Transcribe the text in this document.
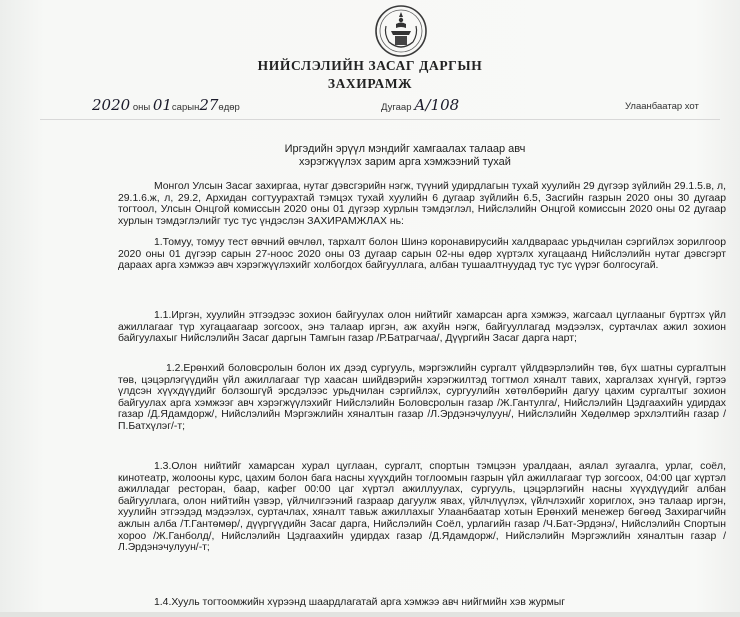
НИЙСЛЭЛИЙН ЗАСАГ ДАРГЫН
ЗАХИРАМЖ
2020 оны 01сарын27өдөр	Дугаар А/108	Улаанбаатар хот
Иргэдийн эрүүл мэндийг хамгаалах талаар авч
хэрэгжүүлэх зарим арга хэмжээний тухай

Монгол Улсын Засаг захиргаа, нутаг дэвсгэрийн нэгж, түүний удирдлагын тухай хуулийн 29 дүгээр зүйлийн 29.1.5.в, л, 29.1.6.ж, л, 29.2, Архидан согтуурахтай тэмцэх тухай хуулийн 6 дугаар зүйлийн 6.5, Засгийн газрын 2020 оны 30 дугаар тогтоол, Улсын Онцгой комиссын 2020 оны 01 дүгээр хурлын тэмдэглэл, Нийслэлийн Онцгой комиссын 2020 оны 02 дугаар хурлын тэмдэглэлийг тус тус үндэслэн ЗАХИРАМЖЛАХ нь:

1.Томуу, томуу тест өвчний өвчлөл, тархалт болон Шинэ коронавирусийн халдвараас урьдчилан сэргийлэх зорилгоор 2020 оны 01 дүгээр сарын 27-ноос 2020 оны 03 дугаар сарын 02-ны өдөр хүртэлх хугацаанд Нийслэлийн нутаг дэвсгэрт дараах арга хэмжээ авч хэрэгжүүлэхийг холбогдох байгууллага, албан тушаалтнуудад тус тус үүрэг болгосугай.

1.1.Иргэн, хуулийн этгээдээс зохион байгуулах олон нийтийг хамарсан арга хэмжээ, жагсаал цуглааныг бүртгэх үйл ажиллагааг түр хугацаагаар зогсоох, энэ талаар иргэн, аж ахуйн нэгж, байгууллагад мэдээлэх, суртачлах ажил зохион байгуулахыг Нийслэлийн Засаг даргын Тамгын газар /Р.Батрагчаа/, Дүүргийн Засаг дарга нарт;

1.2.Ерөнхий боловсролын болон их дээд сургууль, мэргэжлийн сургалт үйлдвэрлэлийн төв, бүх шатны сургалтын төв, цэцэрлэгүүдийн үйл ажиллагааг түр хаасан шийдвэрийн хэрэгжилтэд тогтмол хяналт тавих, харгалзах хүнгүй, гэртээ үлдсэн хүүхдүүдийг болзошгүй эрсдэлээс урьдчилан сэргийлэх, сургуулийн хөтөлбөрийн дагуу цахим сургалтыг зохион байгуулах арга хэмжээг авч хэрэгжүүлэхийг Нийслэлийн Боловсролын газар /Ж.Гантулга/, Нийслэлийн Цэдгаахийн удирдах газар /Д.Ядамдорж/, Нийслэлийн Мэргэжлийн хяналтын газар /Л.Эрдэнэчулуун/, Нийслэлийн Хөдөлмөр эрхлэлтийн газар /П.Батхүлэг/-т;

1.3.Олон нийтийг хамарсан хурал цуглаан, сургалт, спортын тэмцээн уралдаан, аялал зугаалга, урлаг, соёл, кинотеатр, жолооны курс, цахим болон бага насны хүүхдийн тоглоомын газрын үйл ажиллагааг түр зогсоох, 04:00 цаг хүртэл ажилладаг ресторан, баар, кафег 00:00 цаг хүртэл ажиллуулах, сургууль, цэцэрлэгийн насны хүүхдүүдийг албан байгууллага, олон нийтийн үзвэр, үйлчилгээний газраар дагуулж явах, үйлчлүүлэх, үйлчлэхийг хориглох, энэ талаар иргэн, хуулийн этгээдэд мэдээлэх, суртачлах, хяналт тавьж ажиллахыг Улаанбаатар хотын Ерөнхий менежер бөгөөд Захирагчийн ажлын алба /Т.Гантөмөр/, дүүргүүдийн Засаг дарга, Нийслэлийн Соёл, урлагийн газар /Ч.Бат-Эрдэнэ/, Нийслэлийн Спортын хороо /Ж.Ганболд/, Нийслэлийн Цэдгаахийн удирдах газар /Д.Ядамдорж/, Нийслэлийн Мэргэжлийн хяналтын газар /Л.Эрдэнэчулуун/-т;

1.4.Хууль тогтоомжийн хүрээнд шаардлагатай арга хэмжээ авч нийгмийн хэв журмыг
